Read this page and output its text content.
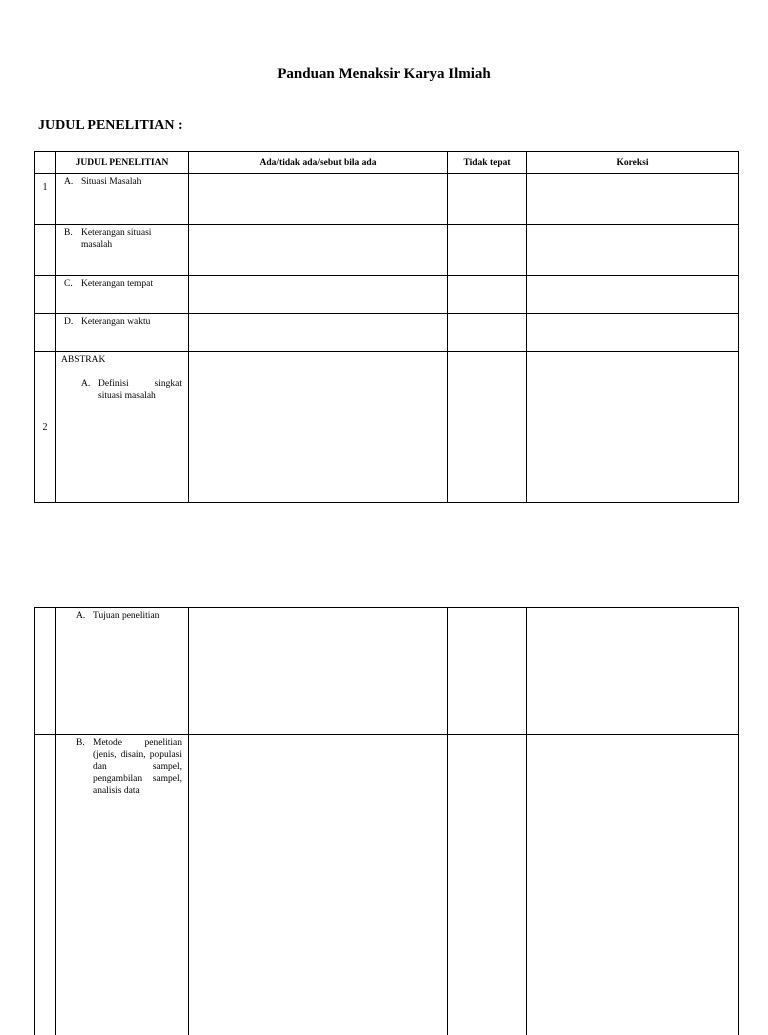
Panduan Menaksir Karya Ilmiah
JUDUL PENELITIAN :
	JUDUL PENELITIAN	Ada/tidak ada/sebut bila ada	Tidak tepat	Koreksi
1	A. Situasi Masalah			

	B. Keterangan situasi masalah			

	C. Keterangan tempat			

	D. Keterangan waktu			

2	ABSTRAK
A. Definisi singkat situasi masalah			

	A. Tujuan penelitian			

	B. Metode penelitian (jenis, disain, populasi dan sampel, pengambilan sampel, analisis data			
